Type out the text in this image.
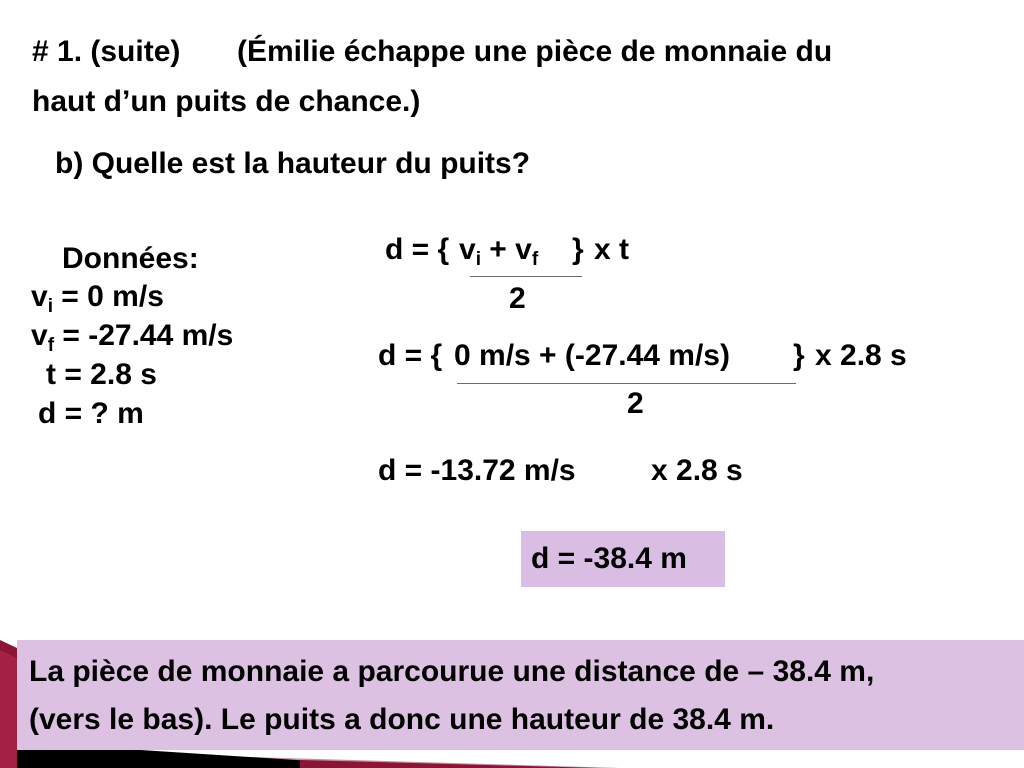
# 1. (suite) (Émilie échappe une pièce de monnaie du
haut d’un puits de chance.)
b) Quelle est la hauteur du puits?
Données:
$v_i = 0$ m/s
$v_f = -27.44$ m/s
t = 2.8 s
d = ? m
d = { $v_i + v_f$ } x t
2
d = { 0 m/s + (-27.44 m/s) } x 2.8 s
2
d = -13.72 m/s	x 2.8 s
d = -38.4 m
La pièce de monnaie a parcourue une distance de – 38.4 m,
(vers le bas). Le puits a donc une hauteur de 38.4 m.
